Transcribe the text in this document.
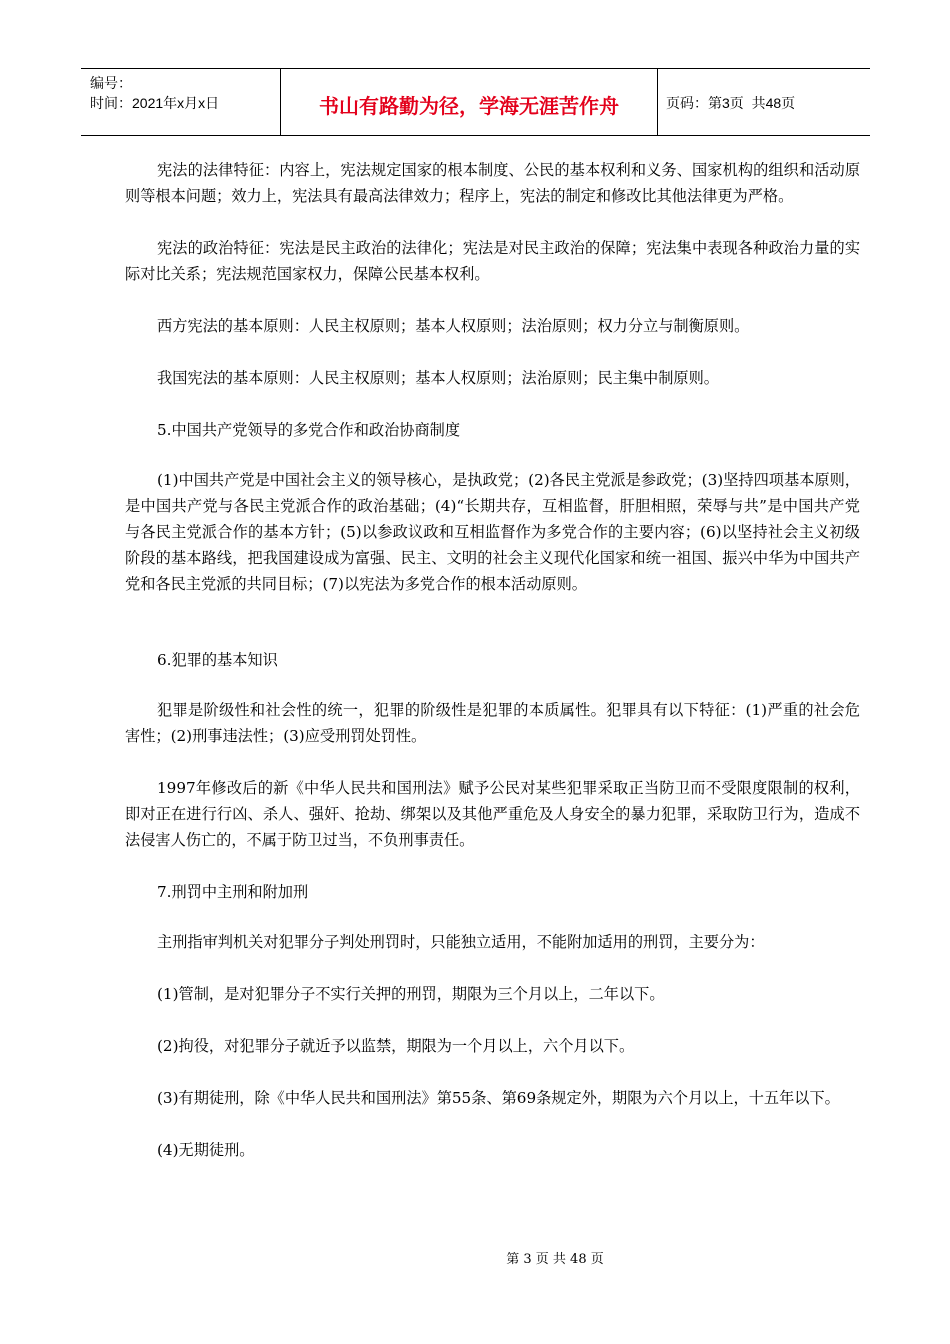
编号：
时间：2021年x月x日	书山有路勤为径，学海无涯苦作舟	页码：第3页  共48页

宪法的法律特征：内容上，宪法规定国家的根本制度、公民的基本权利和义务、国家机构的组织和活动原则等根本问题；效力上，宪法具有最高法律效力；程序上，宪法的制定和修改比其他法律更为严格。

宪法的政治特征：宪法是民主政治的法律化；宪法是对民主政治的保障；宪法集中表现各种政治力量的实际对比关系；宪法规范国家权力，保障公民基本权利。

西方宪法的基本原则：人民主权原则；基本人权原则；法治原则；权力分立与制衡原则。

我国宪法的基本原则：人民主权原则；基本人权原则；法治原则；民主集中制原则。

5.中国共产党领导的多党合作和政治协商制度

(1)中国共产党是中国社会主义的领导核心，是执政党；(2)各民主党派是参政党；(3)坚持四项基本原则，是中国共产党与各民主党派合作的政治基础；(4)“长期共存，互相监督，肝胆相照，荣辱与共”是中国共产党与各民主党派合作的基本方针；(5)以参政议政和互相监督作为多党合作的主要内容；(6)以坚持社会主义初级阶段的基本路线，把我国建设成为富强、民主、文明的社会主义现代化国家和统一祖国、振兴中华为中国共产党和各民主党派的共同目标；(7)以宪法为多党合作的根本活动原则。

6.犯罪的基本知识

犯罪是阶级性和社会性的统一，犯罪的阶级性是犯罪的本质属性。犯罪具有以下特征：(1)严重的社会危害性；(2)刑事违法性；(3)应受刑罚处罚性。

1997年修改后的新《中华人民共和国刑法》赋予公民对某些犯罪采取正当防卫而不受限度限制的权利，即对正在进行行凶、杀人、强奸、抢劫、绑架以及其他严重危及人身安全的暴力犯罪，采取防卫行为，造成不法侵害人伤亡的，不属于防卫过当，不负刑事责任。

7.刑罚中主刑和附加刑

主刑指审判机关对犯罪分子判处刑罚时，只能独立适用，不能附加适用的刑罚，主要分为：

(1)管制，是对犯罪分子不实行关押的刑罚，期限为三个月以上，二年以下。

(2)拘役，对犯罪分子就近予以监禁，期限为一个月以上，六个月以下。

(3)有期徒刑，除《中华人民共和国刑法》第55条、第69条规定外，期限为六个月以上，十五年以下。

(4)无期徒刑。

第 3 页 共 48 页
